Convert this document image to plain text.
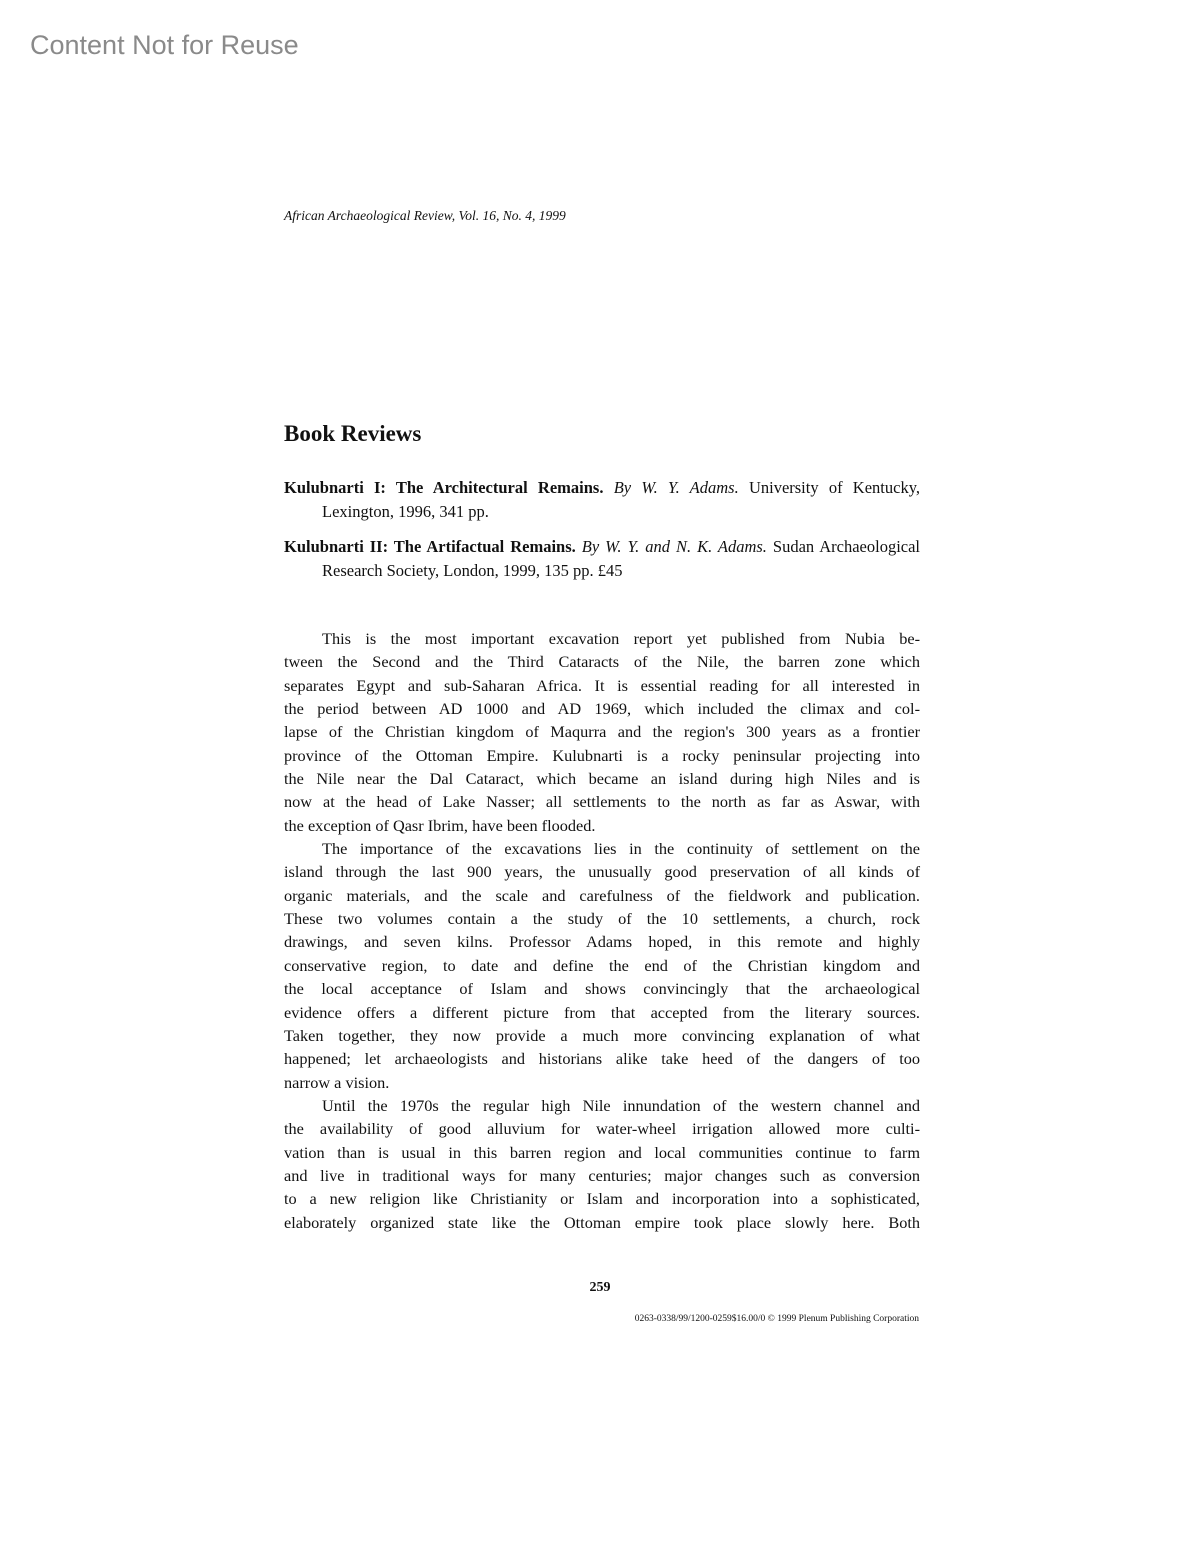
Content Not for Reuse
African Archaeological Review, Vol. 16, No. 4, 1999
Book Reviews
Kulubnarti I: The Architectural Remains. By W. Y. Adams. University of Kentucky, Lexington, 1996, 341 pp.
Kulubnarti II: The Artifactual Remains. By W. Y. and N. K. Adams. Sudan Archaeological Research Society, London, 1999, 135 pp. £45
This is the most important excavation report yet published from Nubia be-
tween the Second and the Third Cataracts of the Nile, the barren zone which
separates Egypt and sub-Saharan Africa. It is essential reading for all interested in
the period between AD 1000 and AD 1969, which included the climax and col-
lapse of the Christian kingdom of Maqurra and the region's 300 years as a frontier
province of the Ottoman Empire. Kulubnarti is a rocky peninsular projecting into
the Nile near the Dal Cataract, which became an island during high Niles and is
now at the head of Lake Nasser; all settlements to the north as far as Aswar, with
the exception of Qasr Ibrim, have been flooded.
The importance of the excavations lies in the continuity of settlement on the
island through the last 900 years, the unusually good preservation of all kinds of
organic materials, and the scale and carefulness of the fieldwork and publication.
These two volumes contain a the study of the 10 settlements, a church, rock
drawings, and seven kilns. Professor Adams hoped, in this remote and highly
conservative region, to date and define the end of the Christian kingdom and
the local acceptance of Islam and shows convincingly that the archaeological
evidence offers a different picture from that accepted from the literary sources.
Taken together, they now provide a much more convincing explanation of what
happened; let archaeologists and historians alike take heed of the dangers of too
narrow a vision.
Until the 1970s the regular high Nile innundation of the western channel and
the availability of good alluvium for water-wheel irrigation allowed more culti-
vation than is usual in this barren region and local communities continue to farm
and live in traditional ways for many centuries; major changes such as conversion
to a new religion like Christianity or Islam and incorporation into a sophisticated,
elaborately organized state like the Ottoman empire took place slowly here. Both
259
0263-0338/99/1200-0259$16.00/0 © 1999 Plenum Publishing Corporation
